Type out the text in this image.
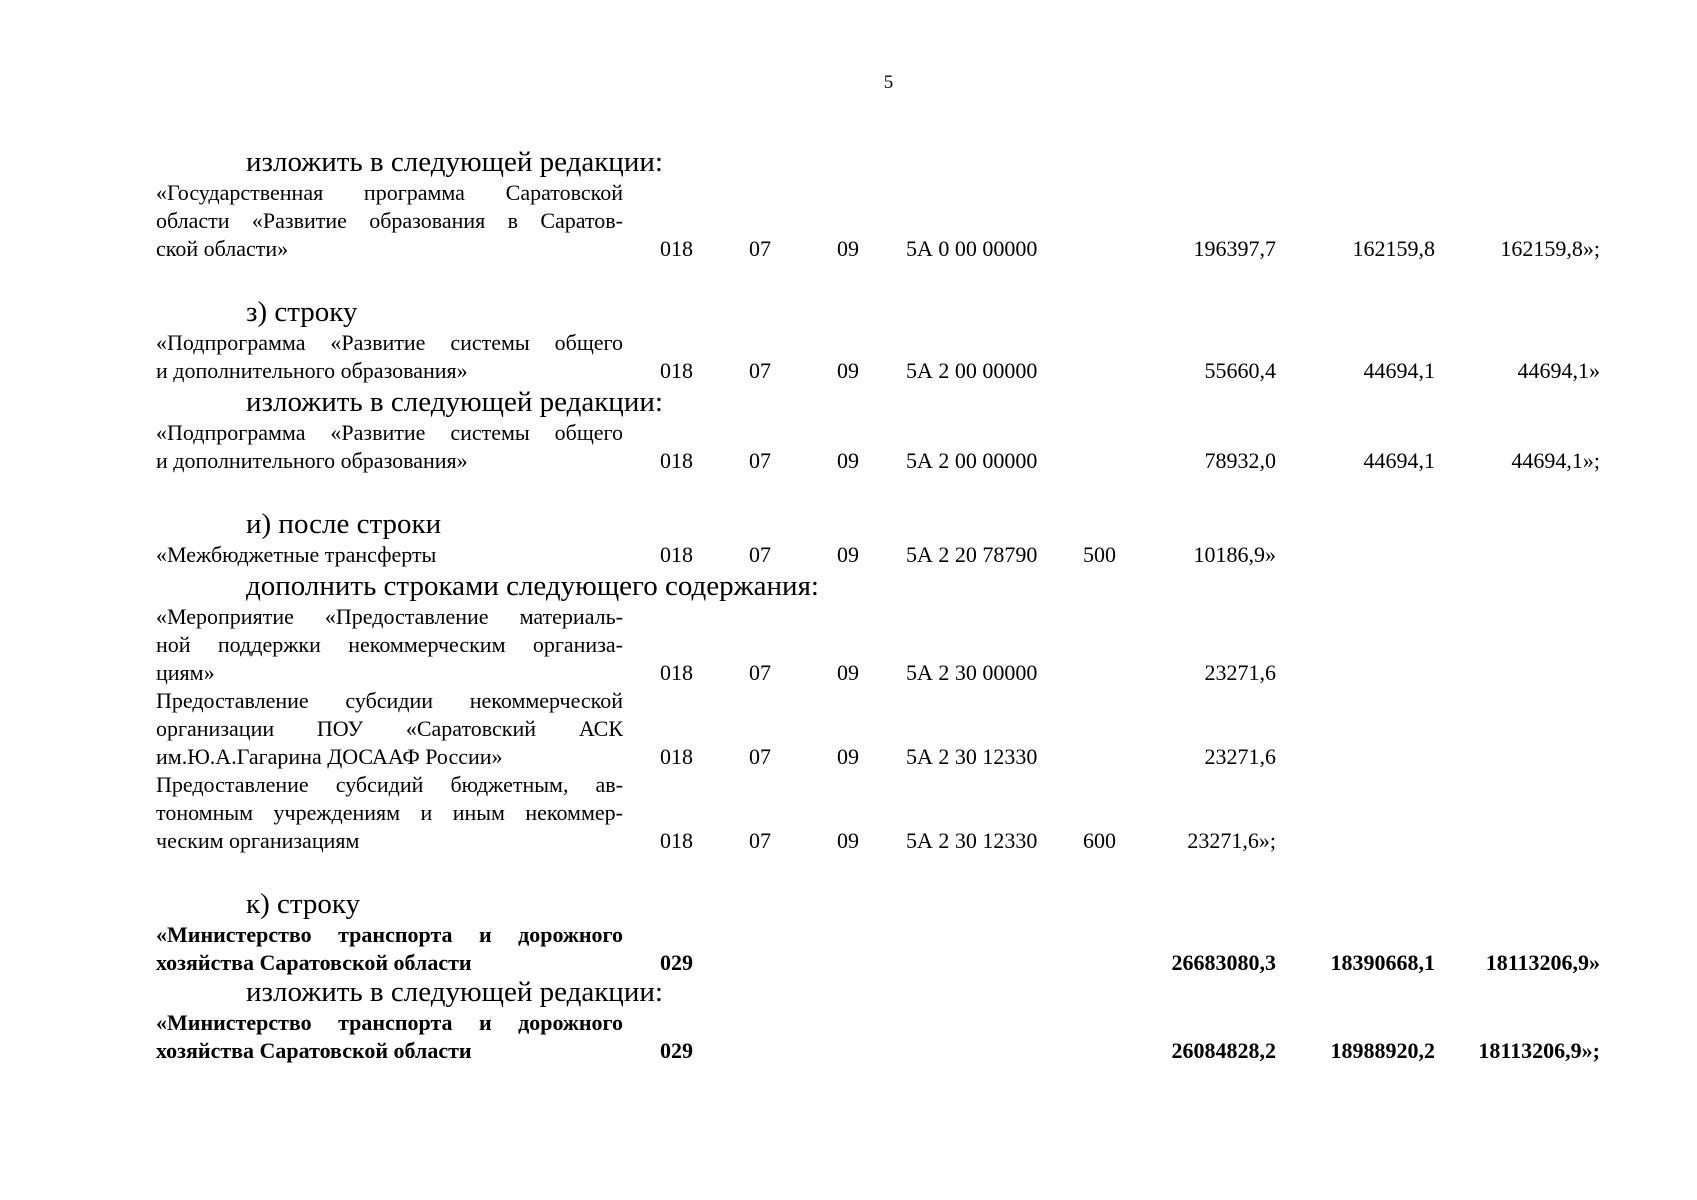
5
изложить в следующей редакции:
«Государственная программа Саратовской
области «Развитие образования в Саратов-
ской области»	018	07	09 5А 0 00 00000	196397,7	162159,8	162159,8»;
з) строку
«Подпрограмма «Развитие системы общего
и дополнительного образования»	018	07	09 5А 2 00 00000	55660,4	44694,1	44694,1»
изложить в следующей редакции:
«Подпрограмма «Развитие системы общего
и дополнительного образования»	018	07	09 5А 2 00 00000	78932,0	44694,1	44694,1»;
и) после строки
«Межбюджетные трансферты	018	07	09 5А 2 20 78790 500	10186,9»
дополнить строками следующего содержания:
«Мероприятие «Предоставление материаль-
ной поддержки некоммерческим организа-
циям»	018	07	09 5А 2 30 00000	23271,6
Предоставление субсидии некоммерческой
организации ПОУ «Саратовский АСК
им.Ю.А.Гагарина ДОСААФ России»	018	07	09 5А 2 30 12330	23271,6
Предоставление субсидий бюджетным, ав-
тономным учреждениям и иным некоммер-
ческим организациям	018	07	09 5А 2 30 12330 600	23271,6»;
к) строку
«Министерство транспорта и дорожного
хозяйства Саратовской области	029	26683080,3 18390668,1 18113206,9»
изложить в следующей редакции:
«Министерство транспорта и дорожного
хозяйства Саратовской области	029	26084828,2 18988920,2 18113206,9»;
